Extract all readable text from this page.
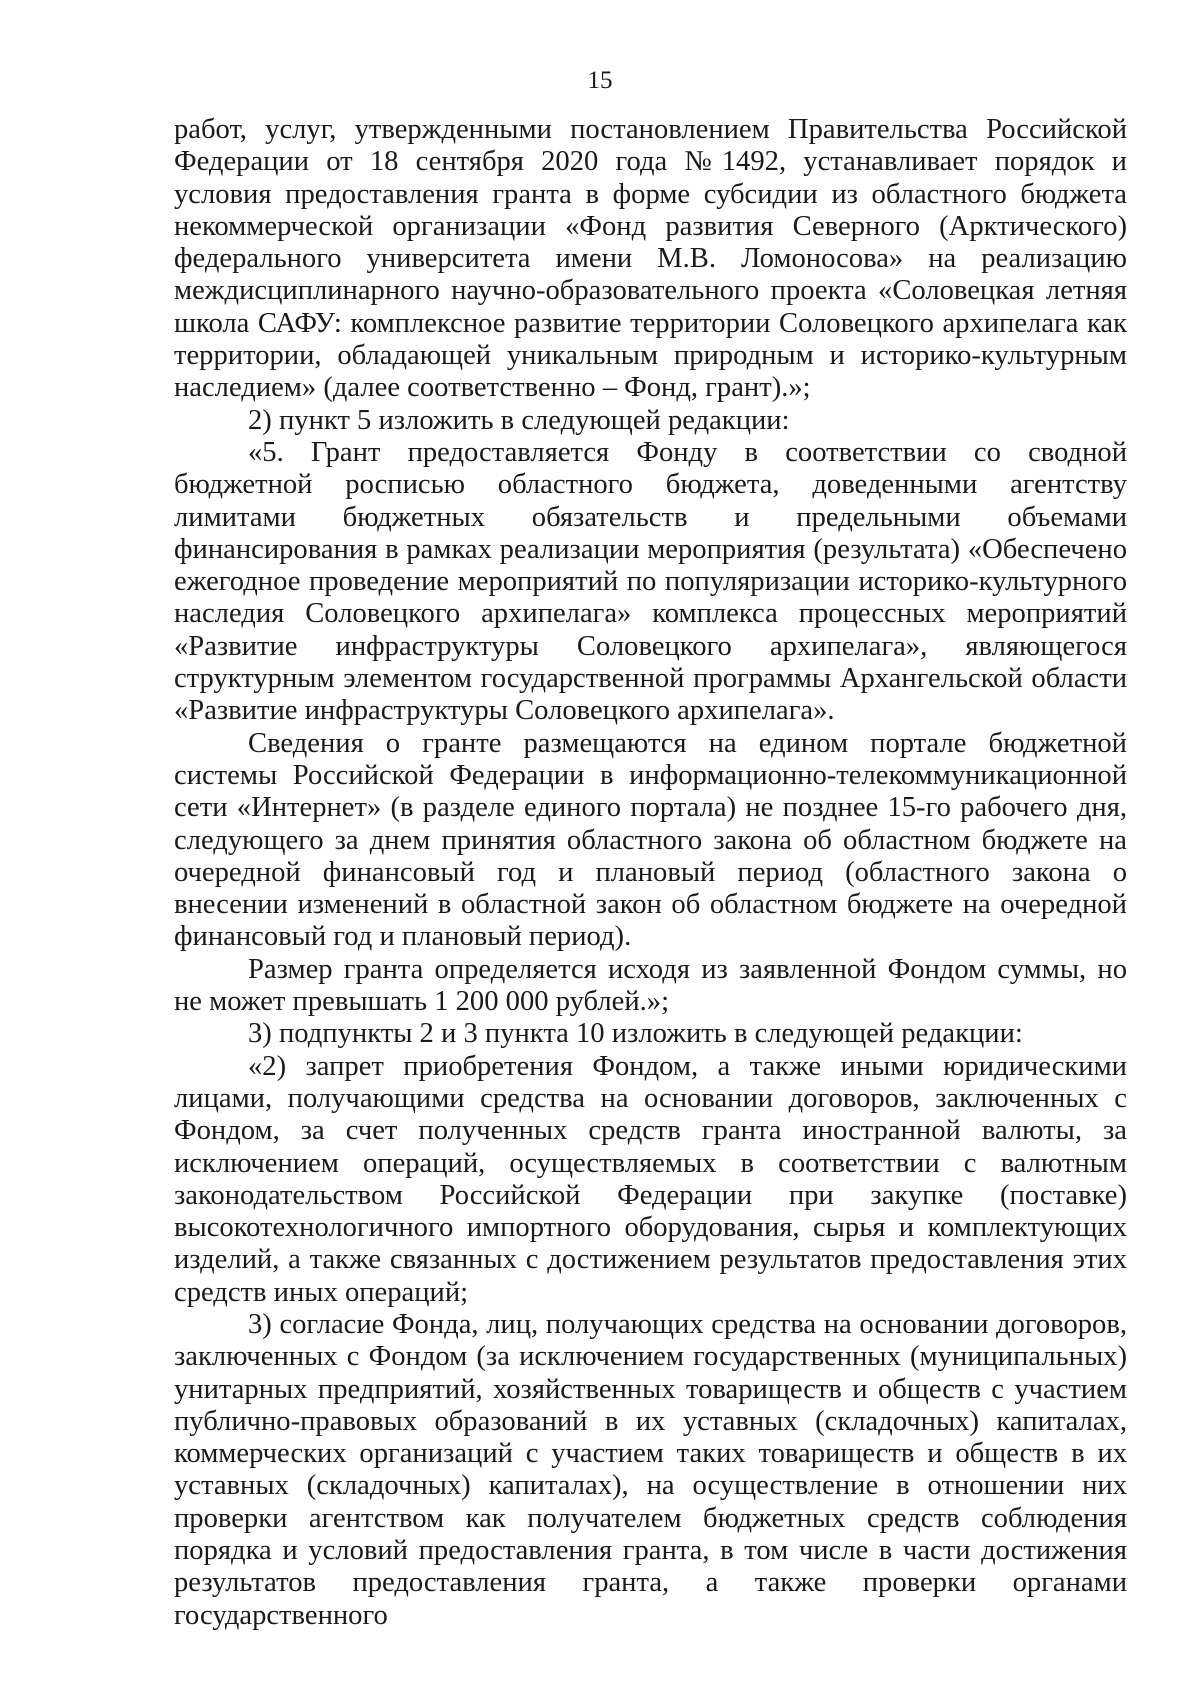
15

работ, услуг, утвержденными постановлением Правительства Российской Федерации от 18 сентября 2020 года №1492, устанавливает порядок и условия предоставления гранта в форме субсидии из областного бюджета некоммерческой организации «Фонд развития Северного (Арктического) федерального университета имени М.В. Ломоносова» на реализацию междисциплинарного научно-образовательного проекта «Соловецкая летняя школа САФУ: комплексное развитие территории Соловецкого архипелага как территории, обладающей уникальным природным и историко-культурным наследием» (далее соответственно – Фонд, грант).»;

2) пункт 5 изложить в следующей редакции:

«5. Грант предоставляется Фонду в соответствии со сводной бюджетной росписью областного бюджета, доведенными агентству лимитами бюджетных обязательств и предельными объемами финансирования в рамках реализации мероприятия (результата) «Обеспечено ежегодное проведение мероприятий по популяризации историко-культурного наследия Соловецкого архипелага» комплекса процессных мероприятий «Развитие инфраструктуры Соловецкого архипелага», являющегося структурным элементом государственной программы Архангельской области «Развитие инфраструктуры Соловецкого архипелага».

Сведения о гранте размещаются на едином портале бюджетной системы Российской Федерации в информационно-телекоммуникационной сети «Интернет» (в разделе единого портала) не позднее 15-го рабочего дня, следующего за днем принятия областного закона об областном бюджете на очередной финансовый год и плановый период (областного закона о внесении изменений в областной закон об областном бюджете на очередной финансовый год и плановый период).

Размер гранта определяется исходя из заявленной Фондом суммы, но не может превышать 1 200 000 рублей.»;

3) подпункты 2 и 3 пункта 10 изложить в следующей редакции:

«2) запрет приобретения Фондом, а также иными юридическими лицами, получающими средства на основании договоров, заключенных с Фондом, за счет полученных средств гранта иностранной валюты, за исключением операций, осуществляемых в соответствии с валютным законодательством Российской Федерации при закупке (поставке) высокотехнологичного импортного оборудования, сырья и комплектующих изделий, а также связанных с достижением результатов предоставления этих средств иных операций;

3) согласие Фонда, лиц, получающих средства на основании договоров, заключенных с Фондом (за исключением государственных (муниципальных) унитарных предприятий, хозяйственных товариществ и обществ с участием публично-правовых образований в их уставных (складочных) капиталах, коммерческих организаций с участием таких товариществ и обществ в их уставных (складочных) капиталах), на осуществление в отношении них проверки агентством как получателем бюджетных средств соблюдения порядка и условий предоставления гранта, в том числе в части достижения результатов предоставления гранта, а также проверки органами государственного
